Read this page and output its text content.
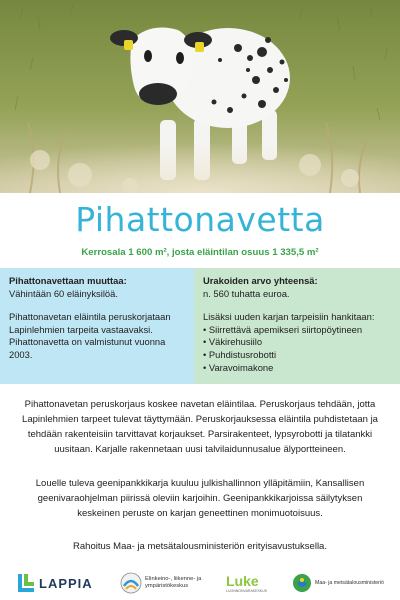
Pihattonavetta
Kerrosala 1 600 m², josta eläintilan osuus 1 335,5 m²

Pihattonavettaan muuttaa:

Vähintään 60 eläinyksilöä.

Pihattonavetan eläintila peruskorjataan Lapinlehmien tarpeita vastaavaksi. Pihattonavetta on valmistunut vuonna 2003.

Urakoiden arvo yhteensä:

n. 560 tuhatta euroa.

Lisäksi uuden karjan tarpeisiin hankitaan:

• Siirrettävä apemikseri siirtopöytineen
• Väkirehusiilo
• Puhdistusrobotti
• Varavoimakone
Pihattonavetan peruskorjaus koskee navetan eläintilaa. Peruskorjaus tehdään, jotta Lapinlehmien tarpeet tulevat täyttymään. Peruskorjauksessa eläintila puhdistetaan ja tehdään rakenteisiin tarvittavat korjaukset. Parsirakenteet, lypsyrobotti ja tilatankki uusitaan. Karjalle rakennetaan uusi talvilaidunnusalue älyportteineen.
Louelle tuleva geenipankkikarja kuuluu julkishallinnon ylläpitämiin, Kansallisen geenivaraohjelman piirissä oleviin karjoihin. Geenipankkikarjoissa säilytyksen keskeinen peruste on karjan geneettinen monimuotoisuus.
Rahoitus Maa- ja metsätalousministeriön erityisavustuksella.
LAPPIA	Elinkeino-, liikenne- ja ympäristökeskus	Luke
LUONNONVARAKESKUS
Maa- ja metsätalousministeriö
